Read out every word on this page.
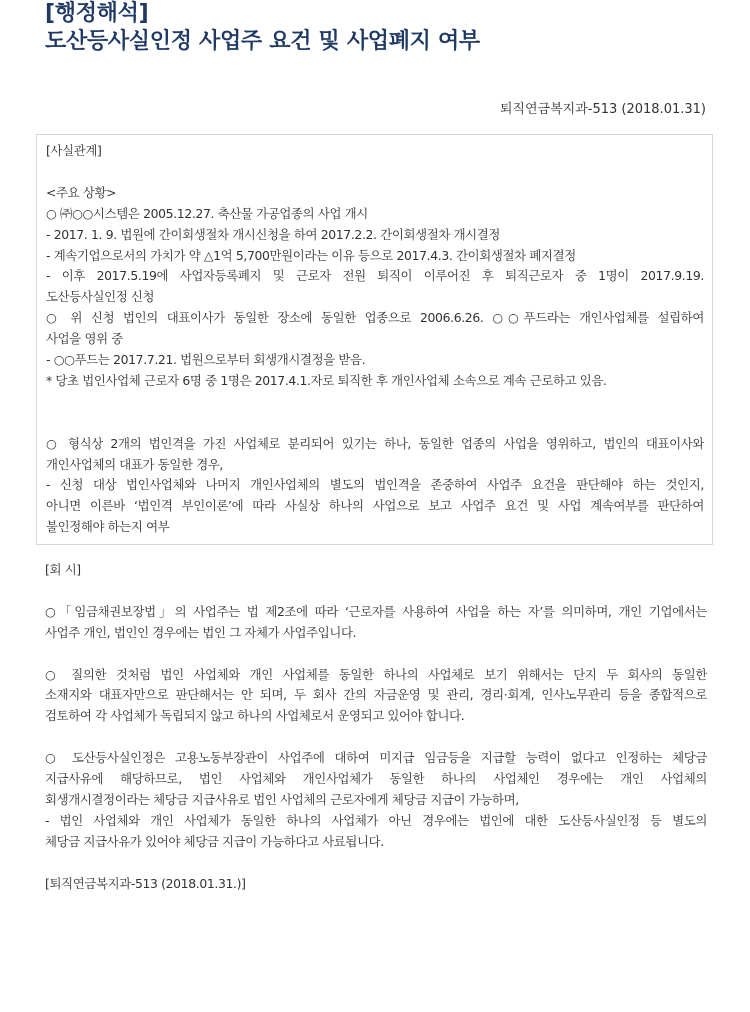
[행정해석]
도산등사실인정 사업주 요건 및 사업폐지 여부
퇴직연금복지과-513 (2018.01.31)
[사실관계]
<주요 상황>
○ ㈜○○시스템은 2005.12.27. 축산물 가공업종의 사업 개시
- 2017. 1. 9. 법원에 간이회생절차 개시신청을 하여 2017.2.2. 간이회생절차 개시결정
- 계속기업으로서의 가치가 약 △1억 5,700만원이라는 이유 등으로 2017.4.3. 간이회생절차 폐지결정
- 이후 2017.5.19에 사업자등록폐지 및 근로자 전원 퇴직이 이루어진 후 퇴직근로자 중 1명이 2017.9.19.
도산등사실인정 신청
○ 위 신청 법인의 대표이사가 동일한 장소에 동일한 업종으로 2006.6.26. ○○푸드라는 개인사업체를 설립하여
사업을 영위 중
- ○○푸드는 2017.7.21. 법원으로부터 회생개시결정을 받음.
* 당초 법인사업체 근로자 6명 중 1명은 2017.4.1.자로 퇴직한 후 개인사업체 소속으로 계속 근로하고 있음.
○ 형식상 2개의 법인격을 가진 사업체로 분리되어 있기는 하나, 동일한 업종의 사업을 영위하고, 법인의 대표이사와
개인사업체의 대표가 동일한 경우,
- 신청 대상 법인사업체와 나머지 개인사업체의 별도의 법인격을 존중하여 사업주 요건을 판단해야 하는 것인지,
아니면 이른바 ‘법인격 부인이론’에 따라 사실상 하나의 사업으로 보고 사업주 요건 및 사업 계속여부를 판단하여
불인정해야 하는지 여부
[회 시]
○「임금채권보장법」의 사업주는 법 제2조에 따라 ‘근로자를 사용하여 사업을 하는 자’를 의미하며, 개인 기업에서는
사업주 개인, 법인인 경우에는 법인 그 자체가 사업주입니다.
○ 질의한 것처럼 법인 사업체와 개인 사업체를 동일한 하나의 사업체로 보기 위해서는 단지 두 회사의 동일한
소재지와 대표자만으로 판단해서는 안 되며, 두 회사 간의 자금운영 및 관리, 경리·회계, 인사노무관리 등을 종합적으로
검토하여 각 사업체가 독립되지 않고 하나의 사업체로서 운영되고 있어야 합니다.
○ 도산등사실인정은 고용노동부장관이 사업주에 대하여 미지급 임금등을 지급할 능력이 없다고 인정하는 체당금
지급사유에 해당하므로, 법인 사업체와 개인사업체가 동일한 하나의 사업체인 경우에는 개인 사업체의
회생개시결정이라는 체당금 지급사유로 법인 사업체의 근로자에게 체당금 지급이 가능하며,
- 법인 사업체와 개인 사업체가 동일한 하나의 사업체가 아닌 경우에는 법인에 대한 도산등사실인정 등 별도의
체당금 지급사유가 있어야 체당금 지급이 가능하다고 사료됩니다.
[퇴직연금복지과-513 (2018.01.31.)]
